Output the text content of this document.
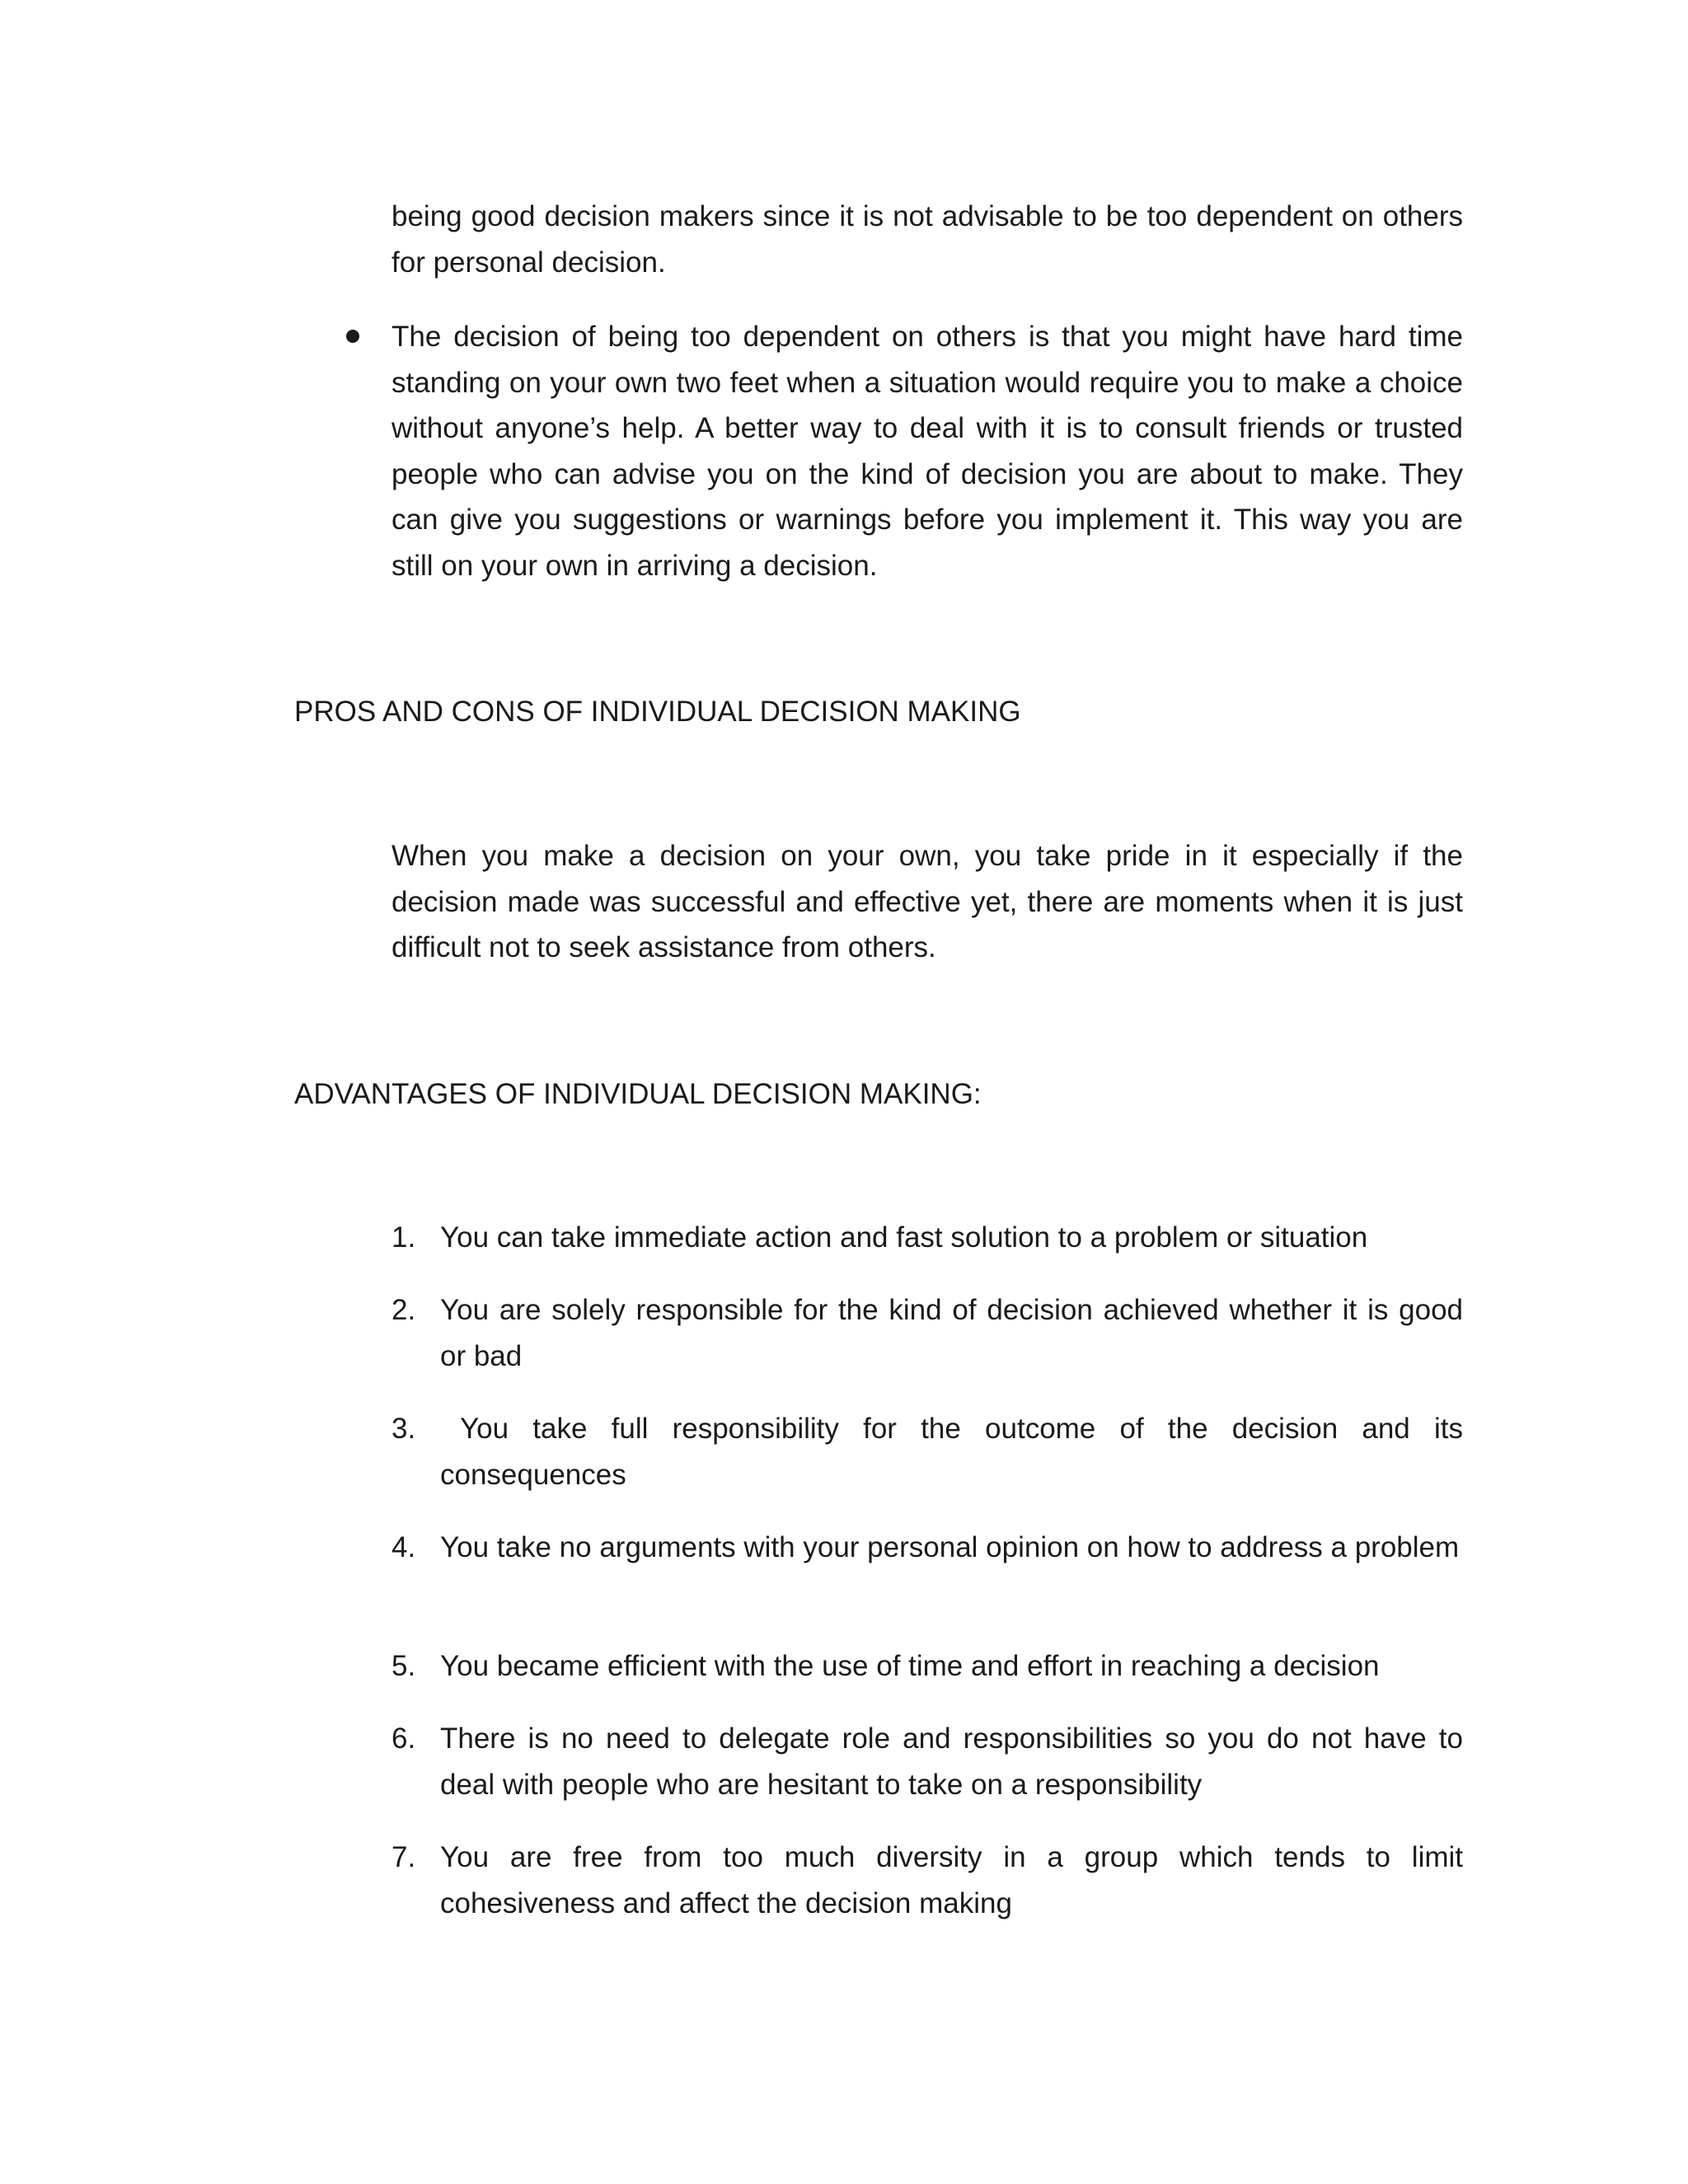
being good decision makers since it is not advisable to be too dependent on others for personal decision.

The decision of being too dependent on others is that you might have hard time standing on your own two feet when a situation would require you to make a choice without anyone’s help. A better way to deal with it is to consult friends or trusted people who can advise you on the kind of decision you are about to make. They can give you suggestions or warnings before you implement it. This way you are still on your own in arriving a decision.

PROS AND CONS OF INDIVIDUAL DECISION MAKING

When you make a decision on your own, you take pride in it especially if the decision made was successful and effective yet, there are moments when it is just difficult not to seek assistance from others.

ADVANTAGES OF INDIVIDUAL DECISION MAKING:
1. You can take immediate action and fast solution to a problem or situation

2. You are solely responsible for the kind of decision achieved whether it is good or bad

3.	You take full responsibility for the outcome of the decision and its consequences

4. You take no arguments with your personal opinion on how to address a problem

5. You became efficient with the use of time and effort in reaching a decision

6. There is no need to delegate role and responsibilities so you do not have to deal with people who are hesitant to take on a responsibility

7. You are free from too much diversity in a group which tends to limit cohesiveness and affect the decision making
